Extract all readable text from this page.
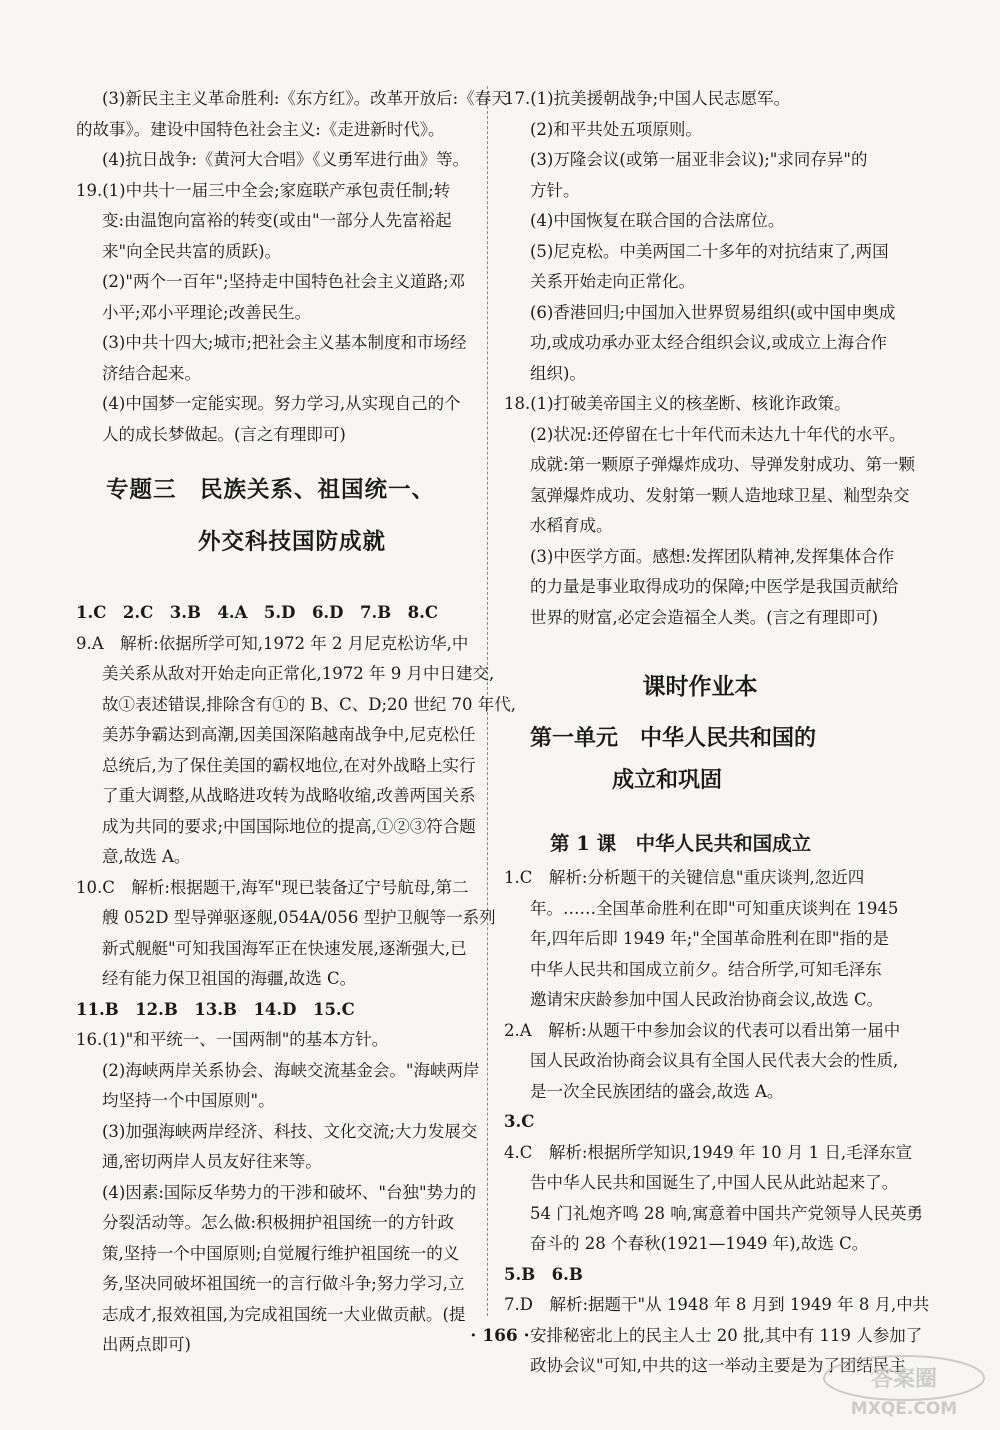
(3)新民主主义革命胜利:《东方红》。改革开放后:《春天

的故事》。建设中国特色社会主义:《走进新时代》。

(4)抗日战争:《黄河大合唱》《义勇军进行曲》等。

19.(1)中共十一届三中全会;家庭联产承包责任制;转

变:由温饱向富裕的转变(或由"一部分人先富裕起

来"向全民共富的质跃)。

(2)"两个一百年";坚持走中国特色社会主义道路;邓

小平;邓小平理论;改善民生。

(3)中共十四大;城市;把社会主义基本制度和市场经

济结合起来。

(4)中国梦一定能实现。努力学习,从实现自己的个

人的成长梦做起。(言之有理即可)

专题三　民族关系、祖国统一、
外交科技国防成就

1.C　2.C　3.B　4.A　5.D　6.D　7.B　8.C

9.A　解析:依据所学可知,1972 年 2 月尼克松访华,中

美关系从敌对开始走向正常化,1972 年 9 月中日建交,

故①表述错误,排除含有①的 B、C、D;20 世纪 70 年代,

美苏争霸达到高潮,因美国深陷越南战争中,尼克松任

总统后,为了保住美国的霸权地位,在对外战略上实行

了重大调整,从战略进攻转为战略收缩,改善两国关系

成为共同的要求;中国国际地位的提高,①②③符合题

意,故选 A。

10.C　解析:根据题干,海军"现已装备辽宁号航母,第二

艘 052D 型导弹驱逐舰,054A/056 型护卫舰等一系列

新式舰艇"可知我国海军正在快速发展,逐渐强大,已

经有能力保卫祖国的海疆,故选 C。

11.B　12.B　13.B　14.D　15.C

16.(1)"和平统一、一国两制"的基本方针。

(2)海峡两岸关系协会、海峡交流基金会。"海峡两岸

均坚持一个中国原则"。

(3)加强海峡两岸经济、科技、文化交流;大力发展交

通,密切两岸人员友好往来等。

(4)因素:国际反华势力的干涉和破坏、"台独"势力的

分裂活动等。怎么做:积极拥护祖国统一的方针政

策,坚持一个中国原则;自觉履行维护祖国统一的义

务,坚决同破坏祖国统一的言行做斗争;努力学习,立

志成才,报效祖国,为完成祖国统一大业做贡献。(提

出两点即可)

17.(1)抗美援朝战争;中国人民志愿军。

(2)和平共处五项原则。

(3)万隆会议(或第一届亚非会议);"求同存异"的

方针。

(4)中国恢复在联合国的合法席位。

(5)尼克松。中美两国二十多年的对抗结束了,两国

关系开始走向正常化。

(6)香港回归;中国加入世界贸易组织(或中国申奥成

功,或成功承办亚太经合组织会议,或成立上海合作

组织)。

18.(1)打破美帝国主义的核垄断、核讹诈政策。

(2)状况:还停留在七十年代而未达九十年代的水平。

成就:第一颗原子弹爆炸成功、导弹发射成功、第一颗

氢弹爆炸成功、发射第一颗人造地球卫星、籼型杂交

水稻育成。

(3)中医学方面。感想:发挥团队精神,发挥集体合作

的力量是事业取得成功的保障;中医学是我国贡献给

世界的财富,必定会造福全人类。(言之有理即可)

课时作业本
第一单元　中华人民共和国的
成立和巩固
第 1 课　中华人民共和国成立

1.C　解析:分析题干的关键信息"重庆谈判,忽近四

年。……全国革命胜利在即"可知重庆谈判在 1945

年,四年后即 1949 年;"全国革命胜利在即"指的是

中华人民共和国成立前夕。结合所学,可知毛泽东

邀请宋庆龄参加中国人民政治协商会议,故选 C。

2.A　解析:从题干中参加会议的代表可以看出第一届中

国人民政治协商会议具有全国人民代表大会的性质,

是一次全民族团结的盛会,故选 A。

3.C

4.C　解析:根据所学知识,1949 年 10 月 1 日,毛泽东宣

告中华人民共和国诞生了,中国人民从此站起来了。

54 门礼炮齐鸣 28 响,寓意着中国共产党领导人民英勇

奋斗的 28 个春秋(1921—1949 年),故选 C。

5.B　6.B

7.D　解析:据题干"从 1948 年 8 月到 1949 年 8 月,中共

安排秘密北上的民主人士 20 批,其中有 119 人参加了

政协会议"可知,中共的这一举动主要是为了团结民主

· 166 ·
答案圈
MXQE.COM
